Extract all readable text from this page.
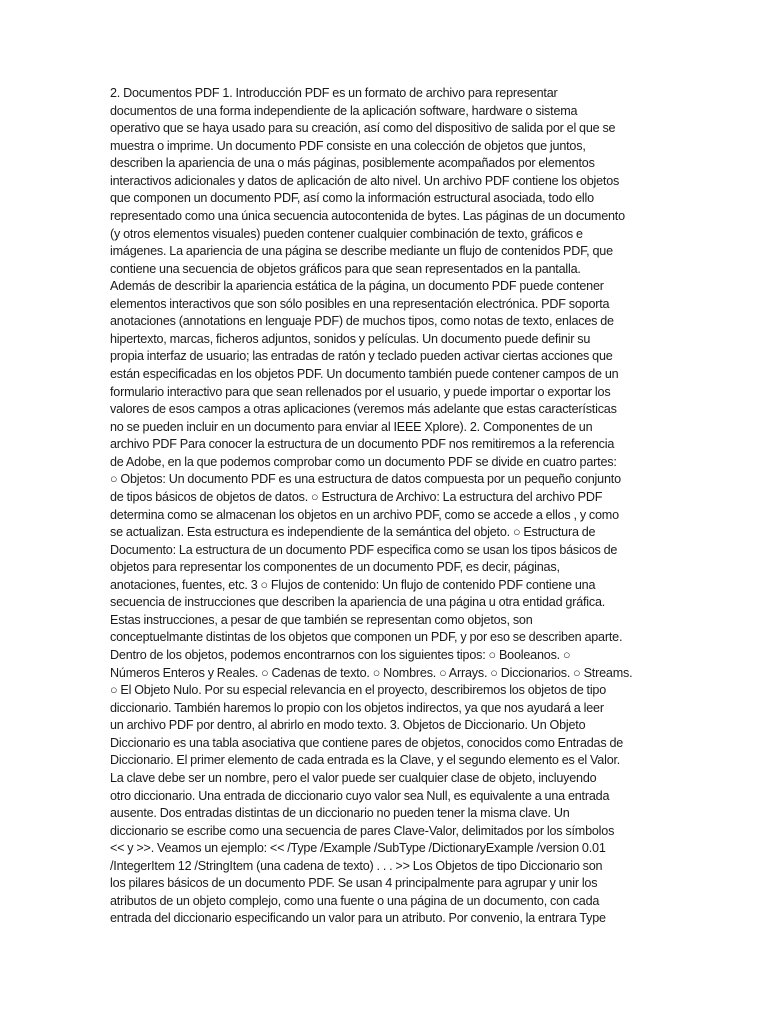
2. Documentos PDF 1. Introducción PDF es un formato de archivo para representar
documentos de una forma independiente de la aplicación software, hardware o sistema
operativo que se haya usado para su creación, así como del dispositivo de salida por el que se
muestra o imprime. Un documento PDF consiste en una colección de objetos que juntos,
describen la apariencia de una o más páginas, posiblemente acompañados por elementos
interactivos adicionales y datos de aplicación de alto nivel. Un archivo PDF contiene los objetos
que componen un documento PDF, así como la información estructural asociada, todo ello
representado como una única secuencia autocontenida de bytes. Las páginas de un documento
(y otros elementos visuales) pueden contener cualquier combinación de texto, gráficos e
imágenes. La apariencia de una página se describe mediante un flujo de contenidos PDF, que
contiene una secuencia de objetos gráficos para que sean representados en la pantalla.
Además de describir la apariencia estática de la página, un documento PDF puede contener
elementos interactivos que son sólo posibles en una representación electrónica. PDF soporta
anotaciones (annotations en lenguaje PDF) de muchos tipos, como notas de texto, enlaces de
hipertexto, marcas, ficheros adjuntos, sonidos y películas. Un documento puede definir su
propia interfaz de usuario; las entradas de ratón y teclado pueden activar ciertas acciones que
están especificadas en los objetos PDF. Un documento también puede contener campos de un
formulario interactivo para que sean rellenados por el usuario, y puede importar o exportar los
valores de esos campos a otras aplicaciones (veremos más adelante que estas características
no se pueden incluir en un documento para enviar al IEEE Xplore). 2. Componentes de un
archivo PDF Para conocer la estructura de un documento PDF nos remitiremos a la referencia
de Adobe, en la que podemos comprobar como un documento PDF se divide en cuatro partes:
○ Objetos: Un documento PDF es una estructura de datos compuesta por un pequeño conjunto
de tipos básicos de objetos de datos. ○ Estructura de Archivo: La estructura del archivo PDF
determina como se almacenan los objetos en un archivo PDF, como se accede a ellos , y como
se actualizan. Esta estructura es independiente de la semántica del objeto. ○ Estructura de
Documento: La estructura de un documento PDF especifica como se usan los tipos básicos de
objetos para representar los componentes de un documento PDF, es decir, páginas,
anotaciones, fuentes, etc. 3 ○ Flujos de contenido: Un flujo de contenido PDF contiene una
secuencia de instrucciones que describen la apariencia de una página u otra entidad gráfica.
Estas instrucciones, a pesar de que también se representan como objetos, son
conceptuelmante distintas de los objetos que componen un PDF, y por eso se describen aparte.
Dentro de los objetos, podemos encontrarnos con los siguientes tipos: ○ Booleanos. ○
Números Enteros y Reales. ○ Cadenas de texto. ○ Nombres. ○ Arrays. ○ Diccionarios. ○ Streams.
○ El Objeto Nulo. Por su especial relevancia en el proyecto, describiremos los objetos de tipo
diccionario. También haremos lo propio con los objetos indirectos, ya que nos ayudará a leer
un archivo PDF por dentro, al abrirlo en modo texto. 3. Objetos de Diccionario. Un Objeto
Diccionario es una tabla asociativa que contiene pares de objetos, conocidos como Entradas de
Diccionario. El primer elemento de cada entrada es la Clave, y el segundo elemento es el Valor.
La clave debe ser un nombre, pero el valor puede ser cualquier clase de objeto, incluyendo
otro diccionario. Una entrada de diccionario cuyo valor sea Null, es equivalente a una entrada
ausente. Dos entradas distintas de un diccionario no pueden tener la misma clave. Un
diccionario se escribe como una secuencia de pares Clave-Valor, delimitados por los símbolos
<< y >>. Veamos un ejemplo: << /Type /Example /SubType /DictionaryExample /version 0.01
/IntegerItem 12 /StringItem (una cadena de texto) . . . >> Los Objetos de tipo Diccionario son
los pilares básicos de un documento PDF. Se usan 4 principalmente para agrupar y unir los
atributos de un objeto complejo, como una fuente o una página de un documento, con cada
entrada del diccionario especificando un valor para un atributo. Por convenio, la entrara Type
